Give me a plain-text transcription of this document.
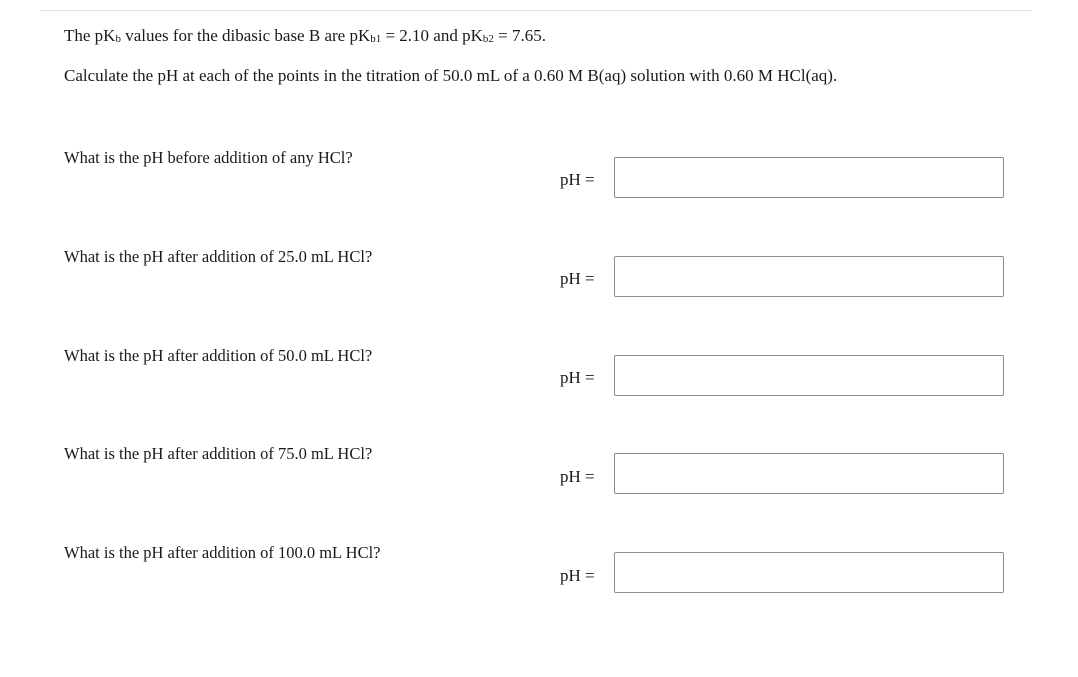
The $pK_b$ values for the dibasic base B are $pK_{b1} = 2.10$ and $pK_{b2} = 7.65$.
Calculate the pH at each of the points in the titration of 50.0 mL of a 0.60 M B(aq) solution with 0.60 M HCl(aq).
What is the pH before addition of any HCl?
pH =
What is the pH after addition of 25.0 mL HCl?
pH =
What is the pH after addition of 50.0 mL HCl?
pH =
What is the pH after addition of 75.0 mL HCl?
pH =
What is the pH after addition of 100.0 mL HCl?
pH =
